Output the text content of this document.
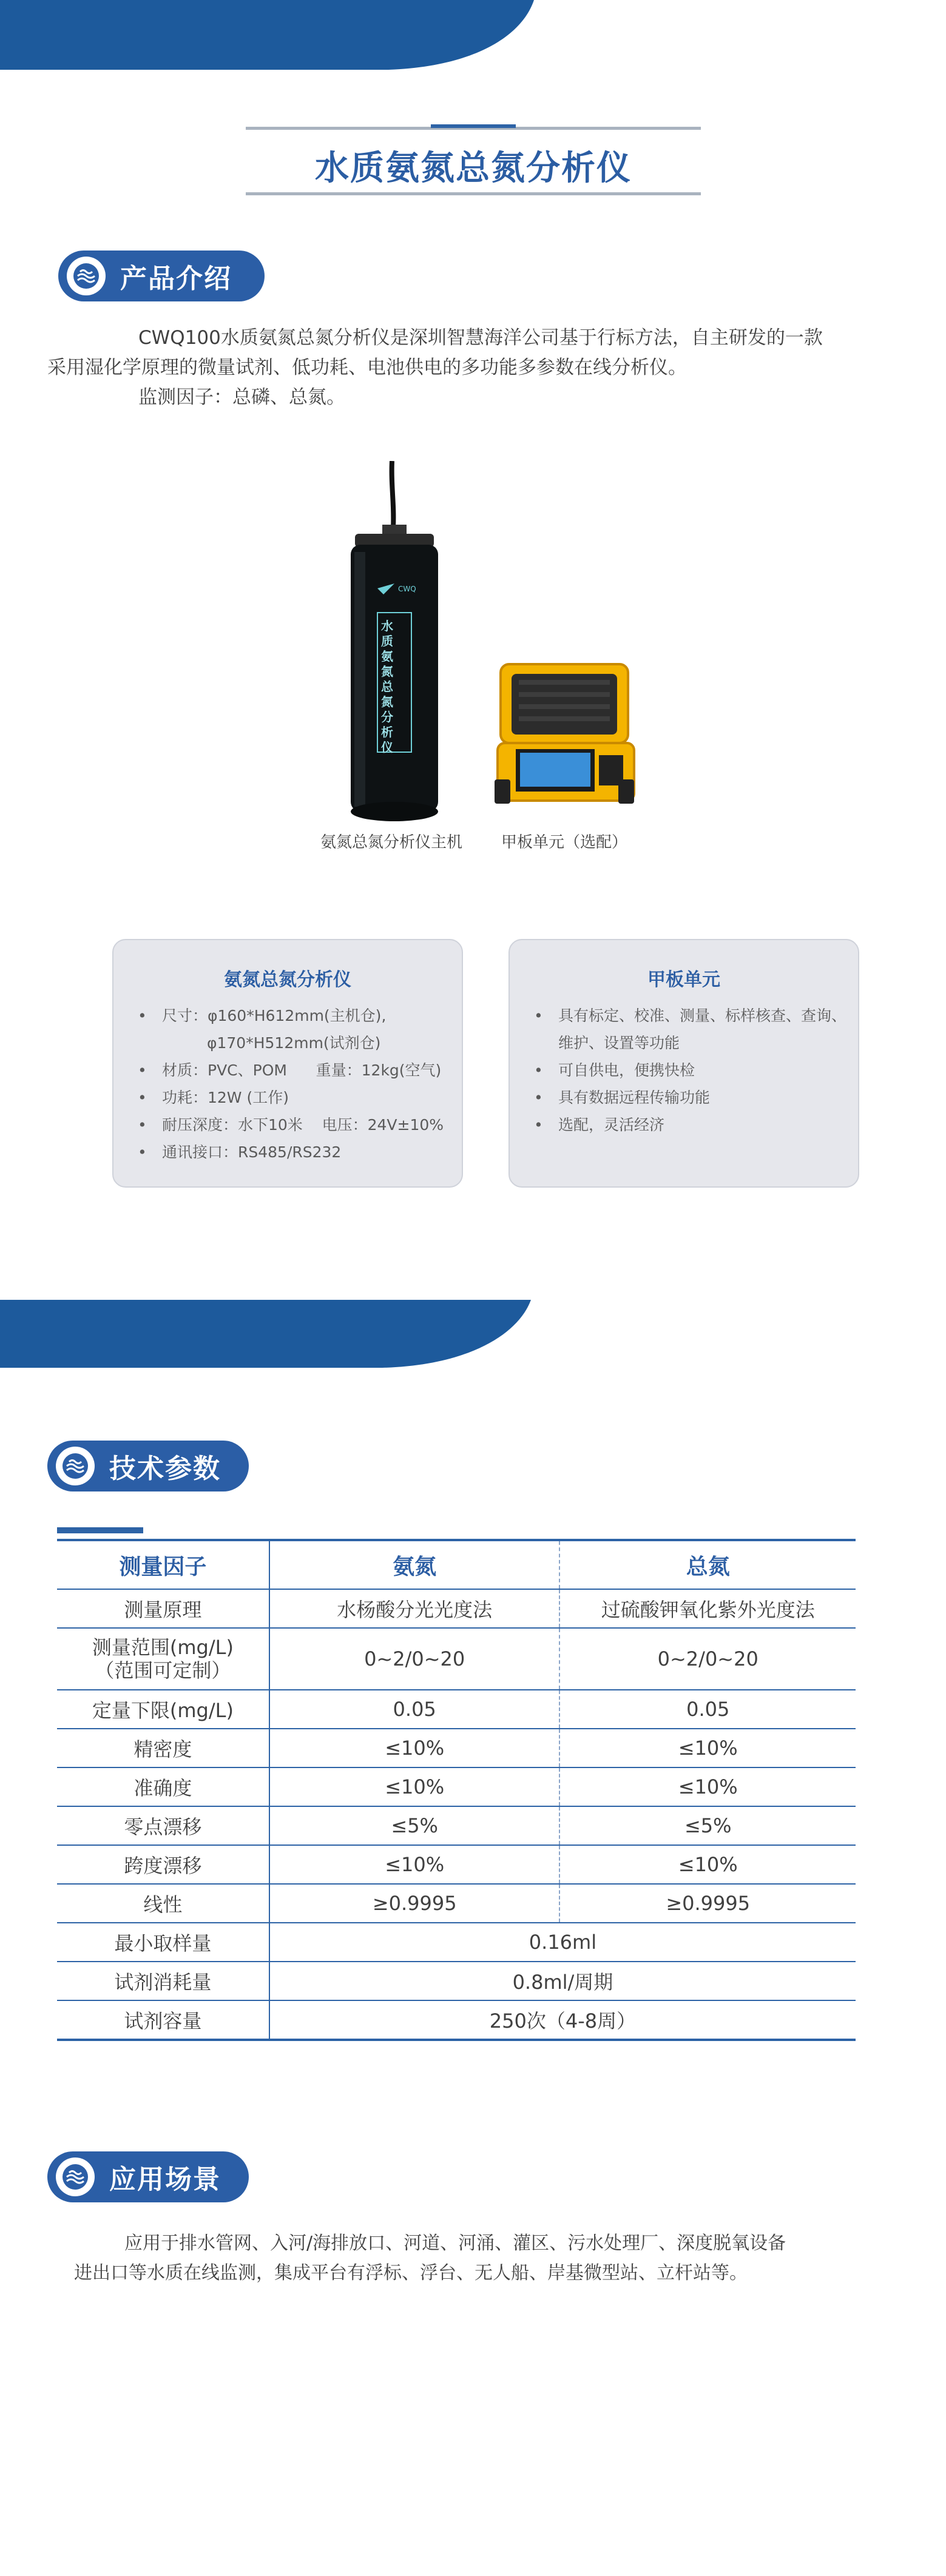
水质氨氮总氮分析仪
产品介绍
CWQ100水质氨氮总氮分析仪是深圳智慧海洋公司基于行标方法，自主研发的一款
采用湿化学原理的微量试剂、低功耗、电池供电的多功能多参数在线分析仪。
监测因子：总磷、总氮。
CWQ
水质氨氮总氮分析仪
氨氮总氮分析仪主机	甲板单元（选配）
氨氮总氮分析仪
• 尺寸：φ160*H612mm(主机仓),
φ170*H512mm(试剂仓)
• 材质：PVC、POM      重量：12kg(空气)
• 功耗：12W (工作)
• 耐压深度：水下10米    电压：24V±10%
• 通讯接口：RS485/RS232
甲板单元
• 具有标定、校准、测量、标样核查、查询、
维护、设置等功能
• 可自供电，便携快检
• 具有数据远程传输功能
• 选配，灵活经济
技术参数
测量因子	氨氮	总氮
测量原理	水杨酸分光光度法	过硫酸钾氧化紫外光度法
测量范围(mg/L)
（范围可定制）	0~2/0~20	0~2/0~20
定量下限(mg/L)	0.05	0.05
精密度	≤10%	≤10%
准确度	≤10%	≤10%
零点漂移	≤5%	≤5%
跨度漂移	≤10%	≤10%
线性	≥0.9995	≥0.9995
最小取样量	0.16ml	
试剂消耗量	0.8ml/周期	
试剂容量	250次（4-8周）	
应用场景
应用于排水管网、入河/海排放口、河道、河涌、灌区、污水处理厂、深度脱氧设备
进出口等水质在线监测，集成平台有浮标、浮台、无人船、岸基微型站、立杆站等。
